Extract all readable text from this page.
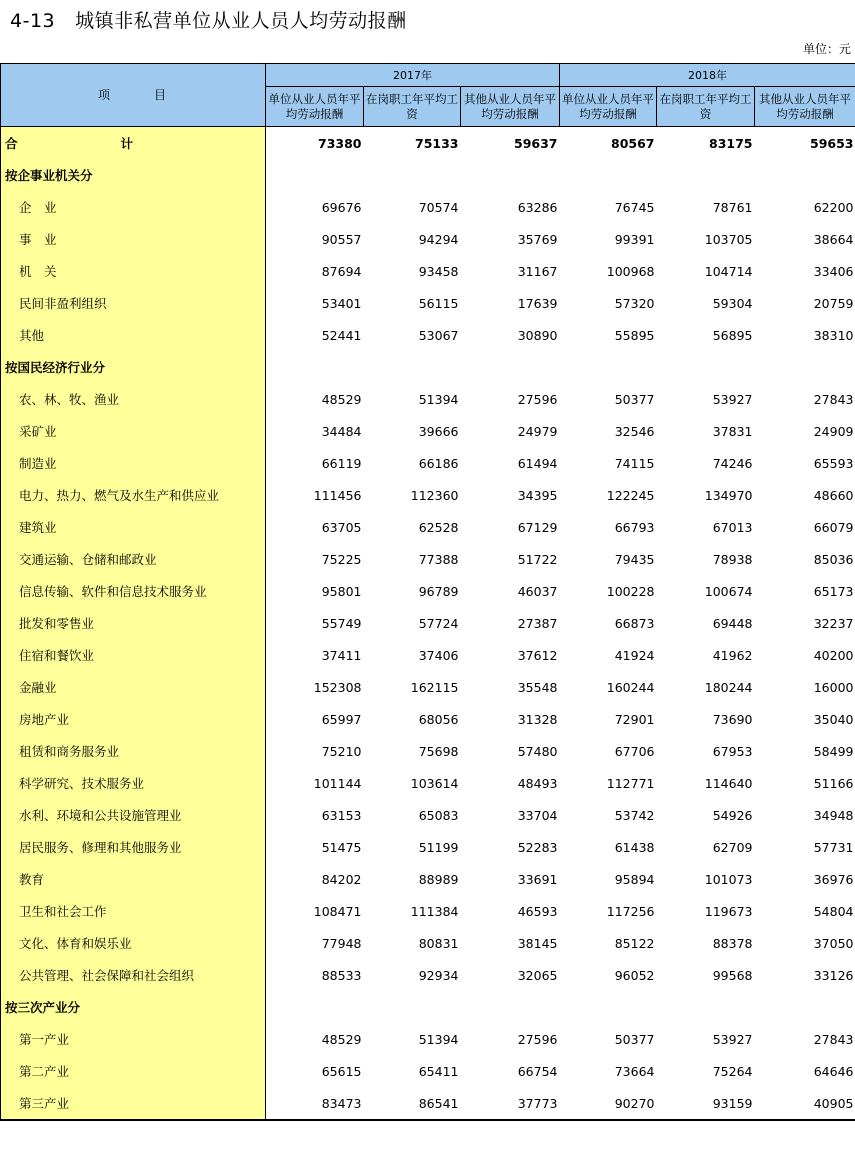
4-13 城镇非私营单位从业人员人均劳动报酬
单位：元
项　　　目	2017年			2018年		
	单位从业人员年平均劳动报酬	在岗职工年平均工资	其他从业人员年平均劳动报酬	单位从业人员年平均劳动报酬	在岗职工年平均工资	其他从业人员年平均劳动报酬
合　　计	73380	75133	59637	80567	83175	59653
按企事业机关分						
企　业	69676	70574	63286	76745	78761	62200
事　业	90557	94294	35769	99391	103705	38664
机　关	87694	93458	31167	100968	104714	33406
民间非盈利组织	53401	56115	17639	57320	59304	20759
其他	52441	53067	30890	55895	56895	38310
按国民经济行业分						
农、林、牧、渔业	48529	51394	27596	50377	53927	27843
采矿业	34484	39666	24979	32546	37831	24909
制造业	66119	66186	61494	74115	74246	65593
电力、热力、燃气及水生产和供应业	111456	112360	34395	122245	134970	48660
建筑业	63705	62528	67129	66793	67013	66079
交通运输、仓储和邮政业	75225	77388	51722	79435	78938	85036
信息传输、软件和信息技术服务业	95801	96789	46037	100228	100674	65173
批发和零售业	55749	57724	27387	66873	69448	32237
住宿和餐饮业	37411	37406	37612	41924	41962	40200
金融业	152308	162115	35548	160244	180244	16000
房地产业	65997	68056	31328	72901	73690	35040
租赁和商务服务业	75210	75698	57480	67706	67953	58499
科学研究、技术服务业	101144	103614	48493	112771	114640	51166
水利、环境和公共设施管理业	63153	65083	33704	53742	54926	34948
居民服务、修理和其他服务业	51475	51199	52283	61438	62709	57731
教育	84202	88989	33691	95894	101073	36976
卫生和社会工作	108471	111384	46593	117256	119673	54804
文化、体育和娱乐业	77948	80831	38145	85122	88378	37050
公共管理、社会保障和社会组织	88533	92934	32065	96052	99568	33126
按三次产业分						
第一产业	48529	51394	27596	50377	53927	27843
第二产业	65615	65411	66754	73664	75264	64646
第三产业	83473	86541	37773	90270	93159	40905
